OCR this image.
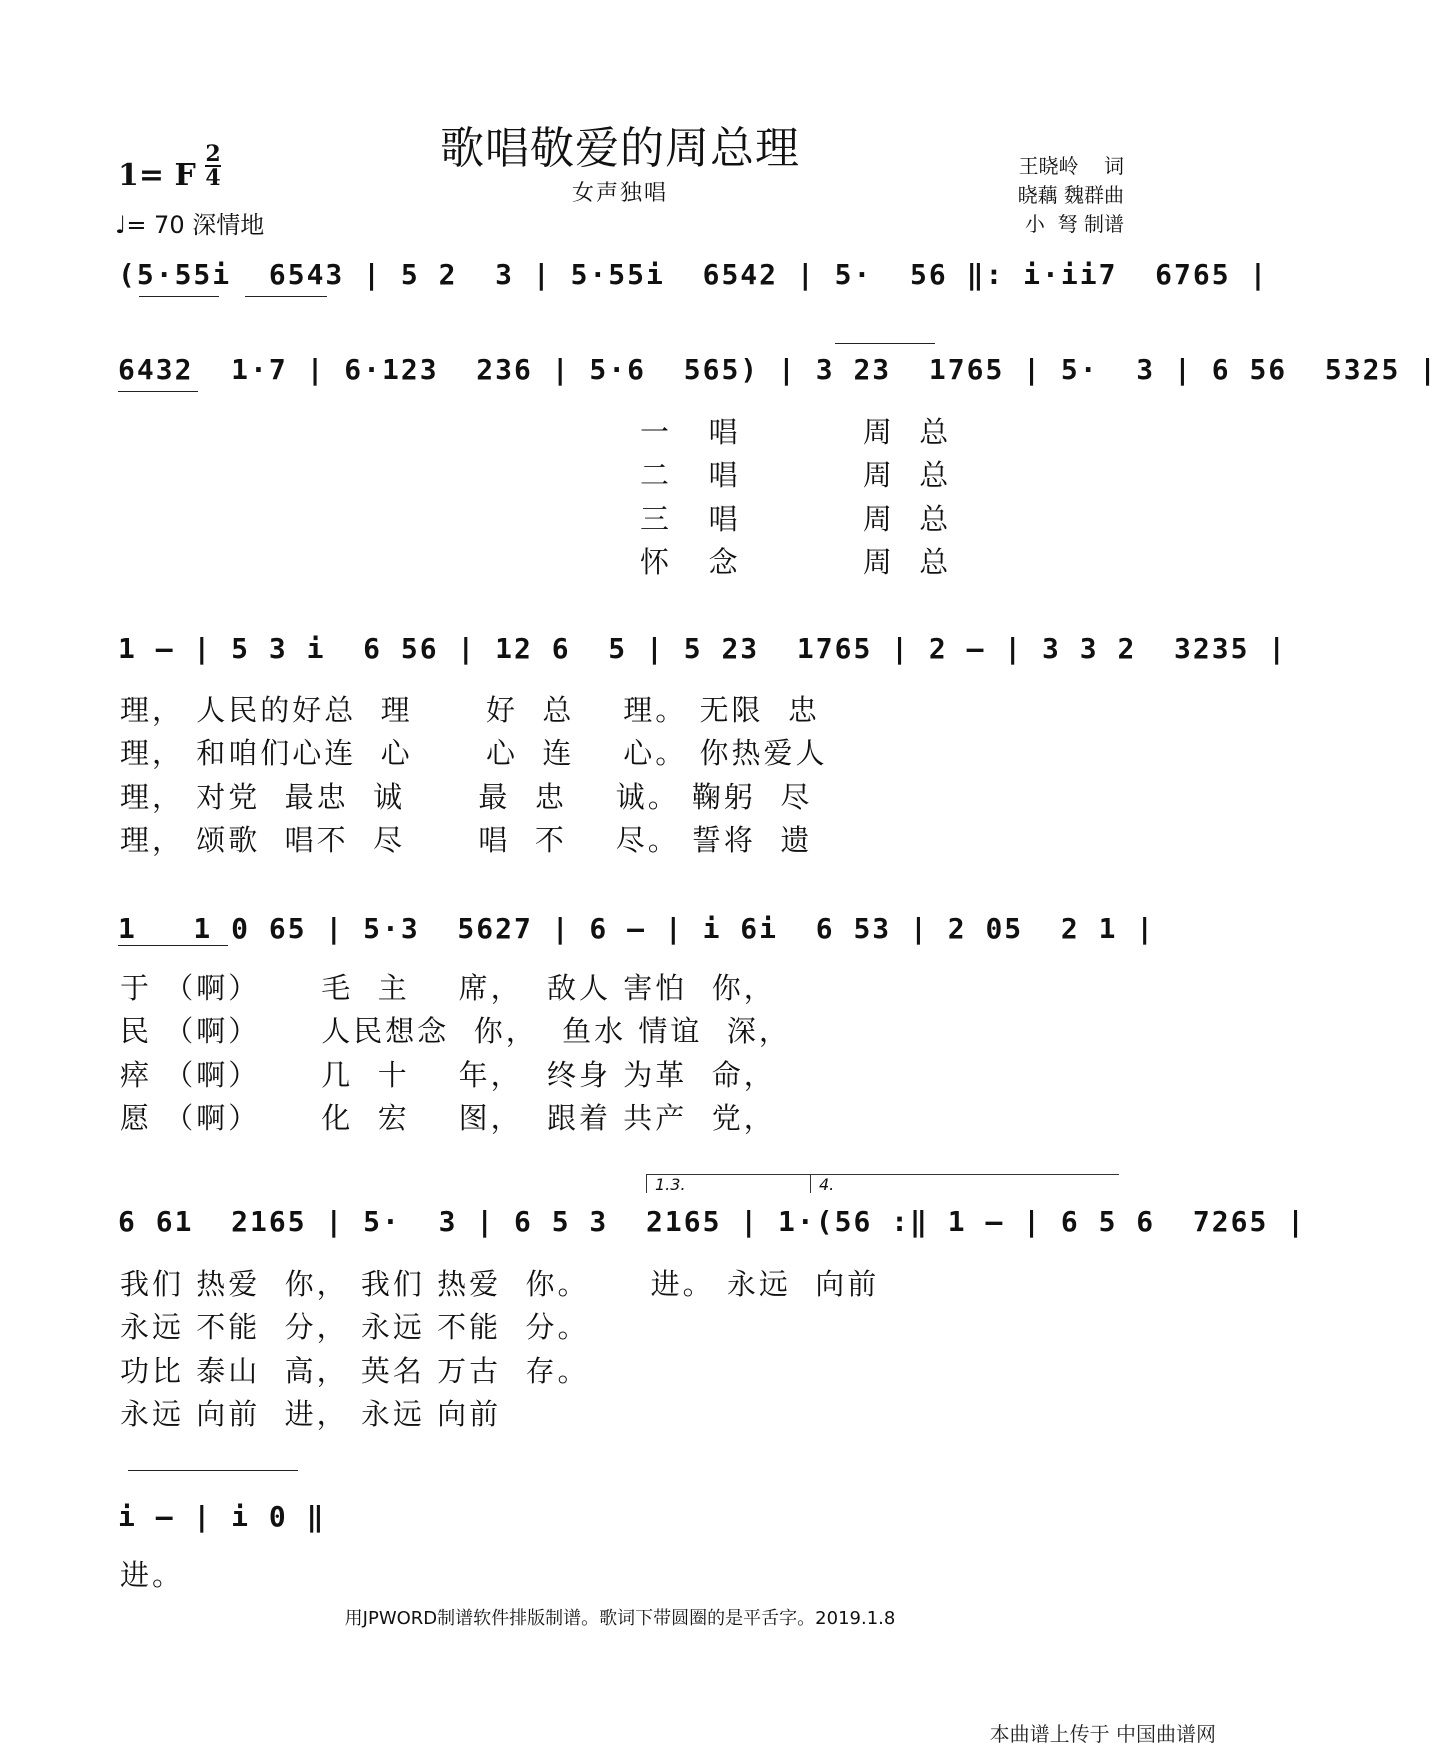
歌唱敬爱的周总理
女声独唱
1= F
2
4
♩= 70 深情地
王晓岭    词
晓藕 魏群曲
小  弩 制谱
(5·55i  6543 | 5 2  3 | 5·55i  6542 | 5·  56 ‖: i·ii7  6765 |
6432  1·7 | 6·123  236 | 5·6  565) | 3 23  1765 | 5·  3 | 6 56  5325 |
一   唱          周  总
二   唱          周  总
三   唱          周  总
怀   念          周  总
1 – | 5 3 i  6 56 | 12 6  5 | 5 23  1765 | 2 – | 3 3 2  3235 |
理， 人民的好总  理      好  总    理。 无限  忠
理， 和咱们心连  心      心  连    心。 你热爱人
理， 对党  最忠  诚      最  忠    诚。 鞠躬  尽
理， 颂歌  唱不  尽      唱  不    尽。 誓将  遗
1   1 0 65 | 5·3  5627 | 6 – | i 6i  6 53 | 2 05  2 1 |
于 （啊）     毛  主    席，  敌人 害怕  你，
民 （啊）     人民想念  你，  鱼水 情谊  深，
瘁 （啊）     几  十    年，  终身 为革  命，
愿 （啊）     化  宏    图，  跟着 共产  党，
1.3.	4.
6 61  2165 | 5·  3 | 6 5 3  2165 | 1·(56 :‖ 1 – | 6 5 6  7265 |
我们 热爱  你， 我们 热爱  你。     进。 永远  向前
永远 不能  分， 永远 不能  分。
功比 泰山  高， 英名 万古  存。
永远 向前  进， 永远 向前
i – | i 0 ‖
进。
用JPWORD制谱软件排版制谱。歌词下带圆圈的是平舌字。2019.1.8
本曲谱上传于 中国曲谱网
